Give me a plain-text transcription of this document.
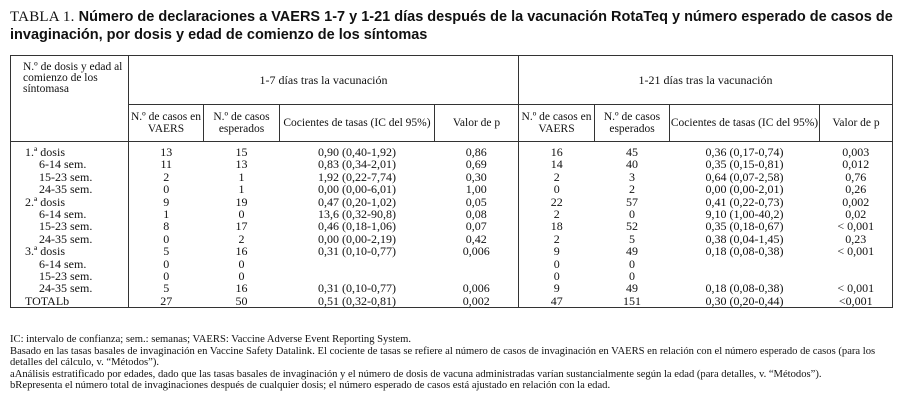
TABLA 1. Número de declaraciones a VAERS 1-7 y 1-21 días después de la vacunación RotaTeq y número esperado de casos de invaginación, por dosis y edad de comienzo de los síntomas
N.º de dosis y edad al comienzo de los síntomasa	1-7 días tras la vacunación				1-21 días tras la vacunación			
	N.º de casos en VAERS	N.º de casos esperados	Cocientes de tasas (IC del 95%)	Valor de p	N.º de casos en VAERS	N.º de casos esperados	Cocientes de tasas (IC del 95%)	Valor de p
1.ª dosis	13	15	0,90 (0,40-1,92)	0,86	16	45	0,36 (0,17-0,74)	0,003
6-14 sem.	11	13	0,83 (0,34-2,01)	0,69	14	40	0,35 (0,15-0,81)	0,012
15-23 sem.	2	1	1,92 (0,22-7,74)	0,30	2	3	0,64 (0,07-2,58)	0,76
24-35 sem.	0	1	0,00 (0,00-6,01)	1,00	0	2	0,00 (0,00-2,01)	0,26
2.ª dosis	9	19	0,47 (0,20-1,02)	0,05	22	57	0,41 (0,22-0,73)	0,002
6-14 sem.	1	0	13,6 (0,32-90,8)	0,08	2	0	9,10 (1,00-40,2)	0,02
15-23 sem.	8	17	0,46 (0,18-1,06)	0,07	18	52	0,35 (0,18-0,67)	< 0,001
24-35 sem.	0	2	0,00 (0,00-2,19)	0,42	2	5	0,38 (0,04-1,45)	0,23
3.ª dosis	5	16	0,31 (0,10-0,77)	0,006	9	49	0,18 (0,08-0,38)	< 0,001
6-14 sem.	0	0			0	0		
15-23 sem.	0	0			0	0		
24-35 sem.	5	16	0,31 (0,10-0,77)	0,006	9	49	0,18 (0,08-0,38)	< 0,001
TOTALb	27	50	0,51 (0,32-0,81)	0,002	47	151	0,30 (0,20-0,44)	<0,001

IC: intervalo de confianza; sem.: semanas; VAERS: Vaccine Adverse Event Reporting System.

Basado en las tasas basales de invaginación en Vaccine Safety Datalink. El cociente de tasas se refiere al número de casos de invaginación en VAERS en relación con el número esperado de casos (para los detalles del cálculo, v. “Métodos”).

aAnálisis estratificado por edades, dado que las tasas basales de invaginación y el número de dosis de vacuna administradas varían sustancialmente según la edad (para detalles, v. “Métodos”).

bRepresenta el número total de invaginaciones después de cualquier dosis; el número esperado de casos está ajustado en relación con la edad.
